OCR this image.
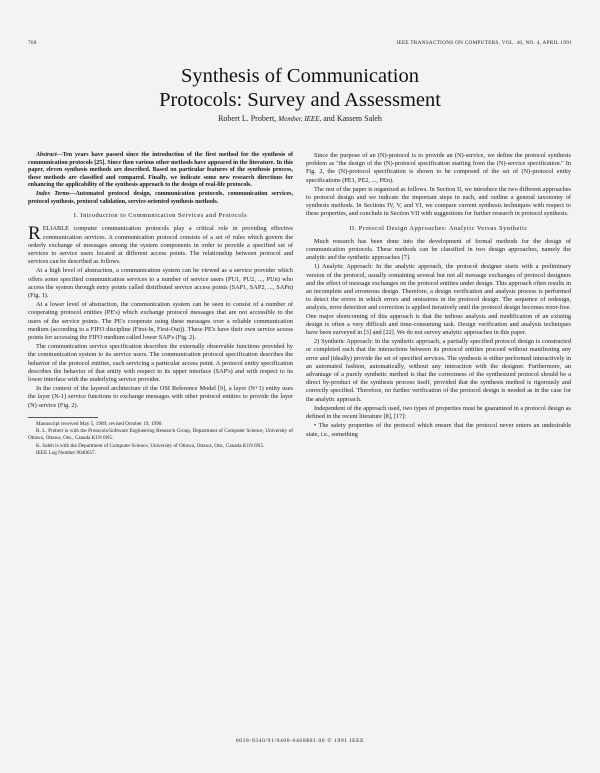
760	IEEE TRANSACTIONS ON COMPUTERS, VOL. 40, NO. 4, APRIL 1991
Synthesis of Communication
Protocols: Survey and Assessment
Robert L. Probert, Member, IEEE, and Kassem Saleh

Abstract—Ten years have passed since the introduction of the first method for the synthesis of communication protocols [25]. Since then various other methods have appeared in the literature. In this paper, eleven synthesis methods are described. Based on particular features of the synthesis process, these methods are classified and compared. Finally, we indicate some new research directions for enhancing the applicability of the synthesis approach to the design of real-life protocols.

Index Terms—Automated protocol design, communication protocols, communication services, protocol synthesis, protocol validation, service-oriented synthesis methods.

I. Introduction to Communication Services and Protocols

RELIABLE computer communication protocols play a critical role in providing effective communication services. A communication protocol consists of a set of rules which govern the orderly exchange of messages among the system components in order to provide a specified set of services to service users located at different access points. The relationship between protocol and services can be described as follows.

At a high level of abstraction, a communication system can be viewed as a service provider which offers some specified communication services to a number of service users (PU1, PU2, ..., PUn) who access the system through entry points called distributed service access points (SAP1, SAP2, ..., SAPn) (Fig. 1).

At a lower level of abstraction, the communication system can be seen to consist of a number of cooperating protocol entities (PE's) which exchange protocol messages that are not accessible to the users of the service points. The PE's cooperate using these messages over a reliable communication medium (according to a FIFO discipline (First-In, First-Out)). These PE's have their own service access points for accessing the FIFO medium called lower SAP's (Fig. 2).

The communication service specification describes the externally observable functions provided by the communication system to its service users. The communication protocol specification describes the behavior of the protocol entities, each servicing a particular access point. A protocol entity specification describes the behavior of that entity with respect to its upper interface (SAP's) and with respect to its lower interface with the underlying service provider.

In the context of the layered architecture of the OSI Reference Model [9], a layer (N+1) entity uses the layer (N-1) service functions to exchange messages with other protocol entities to provide the layer (N) service (Fig. 2).

Manuscript received May 5, 1989; revised October 19, 1990.

R. L. Probert is with the Protocols/Software Engineering Research Group, Department of Computer Science, University of Ottawa, Ottawa, Ont., Canada K1N 6N5.

K. Saleh is with the Department of Computer Science, University of Ottawa, Ottawa, Ont., Canada K1N 6N5.

IEEE Log Number 9040657.

Since the purpose of an (N)-protocol is to provide an (N)-service, we define the protocol synthesis problem as "the design of the (N)-protocol specification starting from the (N)-service specification." In Fig. 2, the (N)-protocol specification is shown to be composed of the set of (N)-protocol entity specifications (PE1, PE2, ..., PEn).

The rest of the paper is organized as follows. In Section II, we introduce the two different approaches to protocol design and we indicate the important steps in each, and outline a general taxonomy of synthesis methods. In Sections IV, V, and VI, we compare current synthesis techniques with respect to these properties, and conclude in Section VII with suggestions for further research in protocol synthesis.

II. Protocol Design Approaches: Analytic Versus Synthetic

Much research has been done into the development of formal methods for the design of communication protocols. These methods can be classified in two design approaches, namely the analytic and the synthetic approaches [7].

1) Analytic Approach: In the analytic approach, the protocol designer starts with a preliminary version of the protocol, usually containing several but not all message exchanges of protocol designers and the effect of message exchanges on the protocol entities under design. This approach often results in an incomplete and erroneous design. Therefore, a design verification and analysis process is performed to detect the errors in which errors and omissions in the protocol design. The sequence of redesign, analysis, error detection and correction is applied iteratively until the protocol design becomes error-free. One major shortcoming of this approach is that the tedious analysis and modification of an existing design is often a very difficult and time-consuming task. Design verification and analysis techniques have been surveyed in [3] and [22]. We do not survey analytic approaches in this paper.

2) Synthetic Approach: In the synthetic approach, a partially specified protocol design is constructed or completed such that the interactions between its protocol entities proceed without manifesting any error and (ideally) provide the set of specified services. The synthesis is either performed interactively in an automated fashion, automatically, without any interaction with the designer. Furthermore, an advantage of a purely synthetic method is that the correctness of the synthesized protocol should be a direct by-product of the synthesis process itself, provided that the synthesis method is rigorously and correctly specified. Therefore, no further verification of the protocol design is needed as in the case for the analytic approach.

Independent of the approach used, two types of properties must be guaranteed in a protocol design as defined in the recent literature [8], [17]:

• The safety properties of the protocol which ensure that the protocol never enters an undesirable state, i.e., something

0018-9340/91/0400-0468$01.00 © 1991 IEEE
